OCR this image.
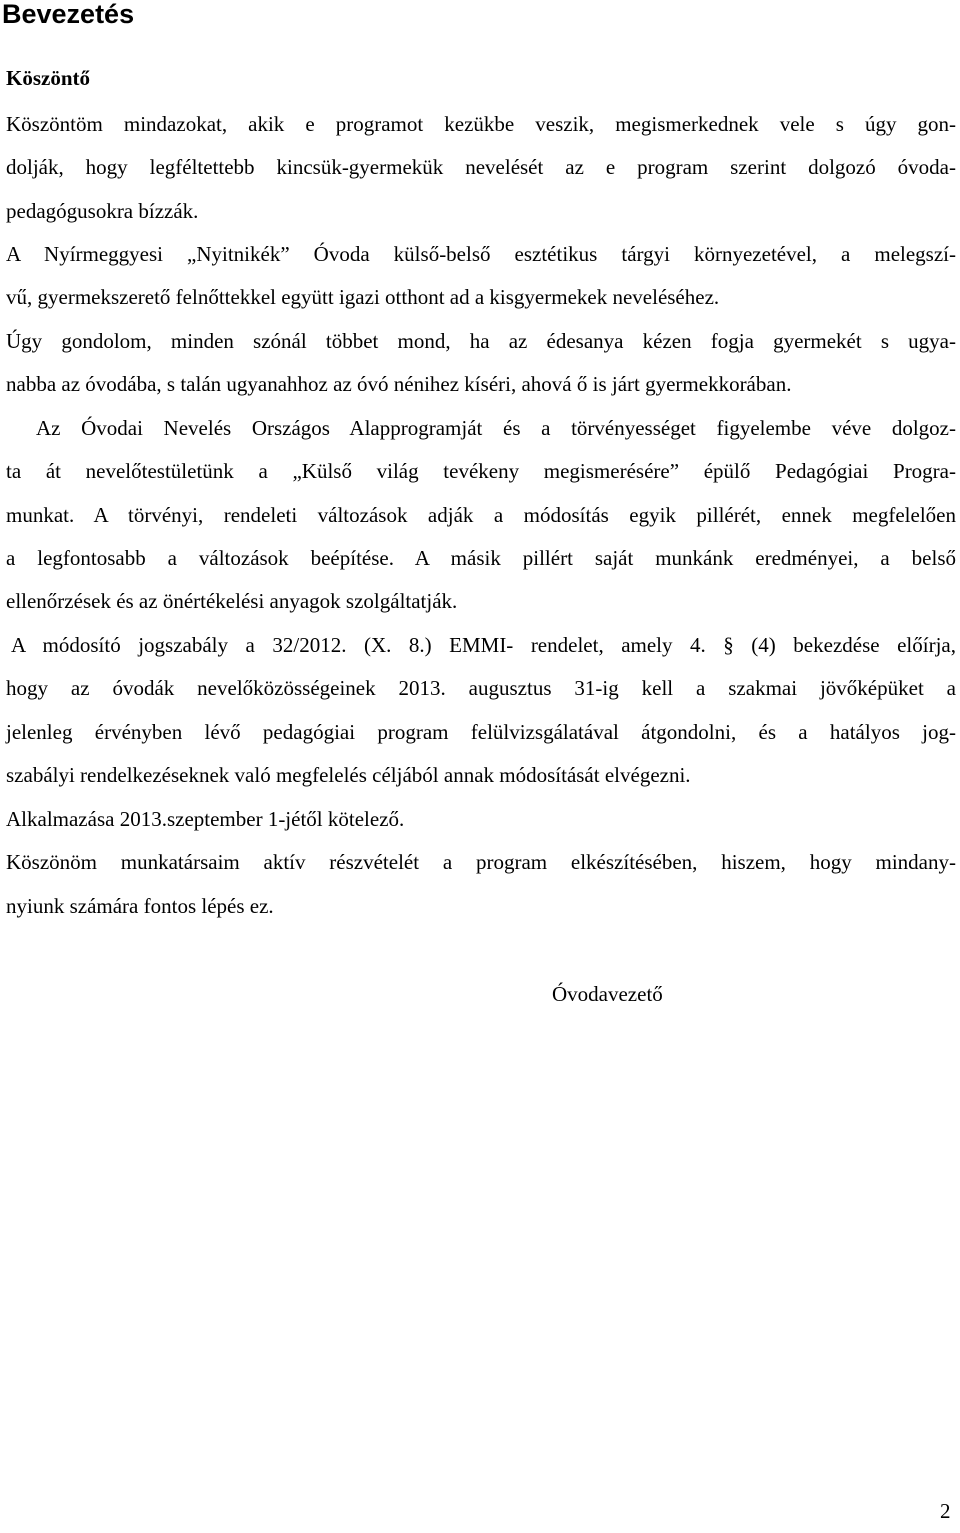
Bevezetés
Köszöntő
Köszöntöm mindazokat, akik e programot kezükbe veszik, megismerkednek vele s úgy gon-
dolják, hogy legféltettebb kincsük-gyermekük nevelését az e program szerint dolgozó óvoda-
pedagógusokra bízzák.
A Nyírmeggyesi „Nyitnikék” Óvoda külső-belső esztétikus tárgyi környezetével, a melegszí-
vű, gyermekszerető felnőttekkel együtt igazi otthont ad a kisgyermekek neveléséhez.
Úgy gondolom, minden szónál többet mond, ha az édesanya kézen fogja gyermekét s ugya-
nabba az óvodába, s talán ugyanahhoz az óvó nénihez kíséri, ahová ő is járt gyermekkorában.
Az Óvodai Nevelés Országos Alapprogramját és a törvényességet figyelembe véve dolgoz-
ta át nevelőtestületünk a „Külső világ tevékeny megismerésére” épülő Pedagógiai Progra-
munkat. A törvényi, rendeleti változások adják a módosítás egyik pillérét, ennek megfelelően
a legfontosabb a változások beépítése. A másik pillért saját munkánk eredményei, a belső
ellenőrzések és az önértékelési anyagok szolgáltatják.
A módosító jogszabály a 32/2012. (X. 8.) EMMI- rendelet, amely 4. § (4) bekezdése előírja,
hogy az óvodák nevelőközösségeinek 2013. augusztus 31-ig kell a szakmai jövőképüket a
jelenleg érvényben lévő pedagógiai program felülvizsgálatával átgondolni, és a hatályos jog-
szabályi rendelkezéseknek való megfelelés céljából annak módosítását elvégezni.
Alkalmazása 2013.szeptember 1-jétől kötelező.
Köszönöm munkatársaim aktív részvételét a program elkészítésében, hiszem, hogy mindany-
nyiunk számára fontos lépés ez.
Óvodavezető
2
